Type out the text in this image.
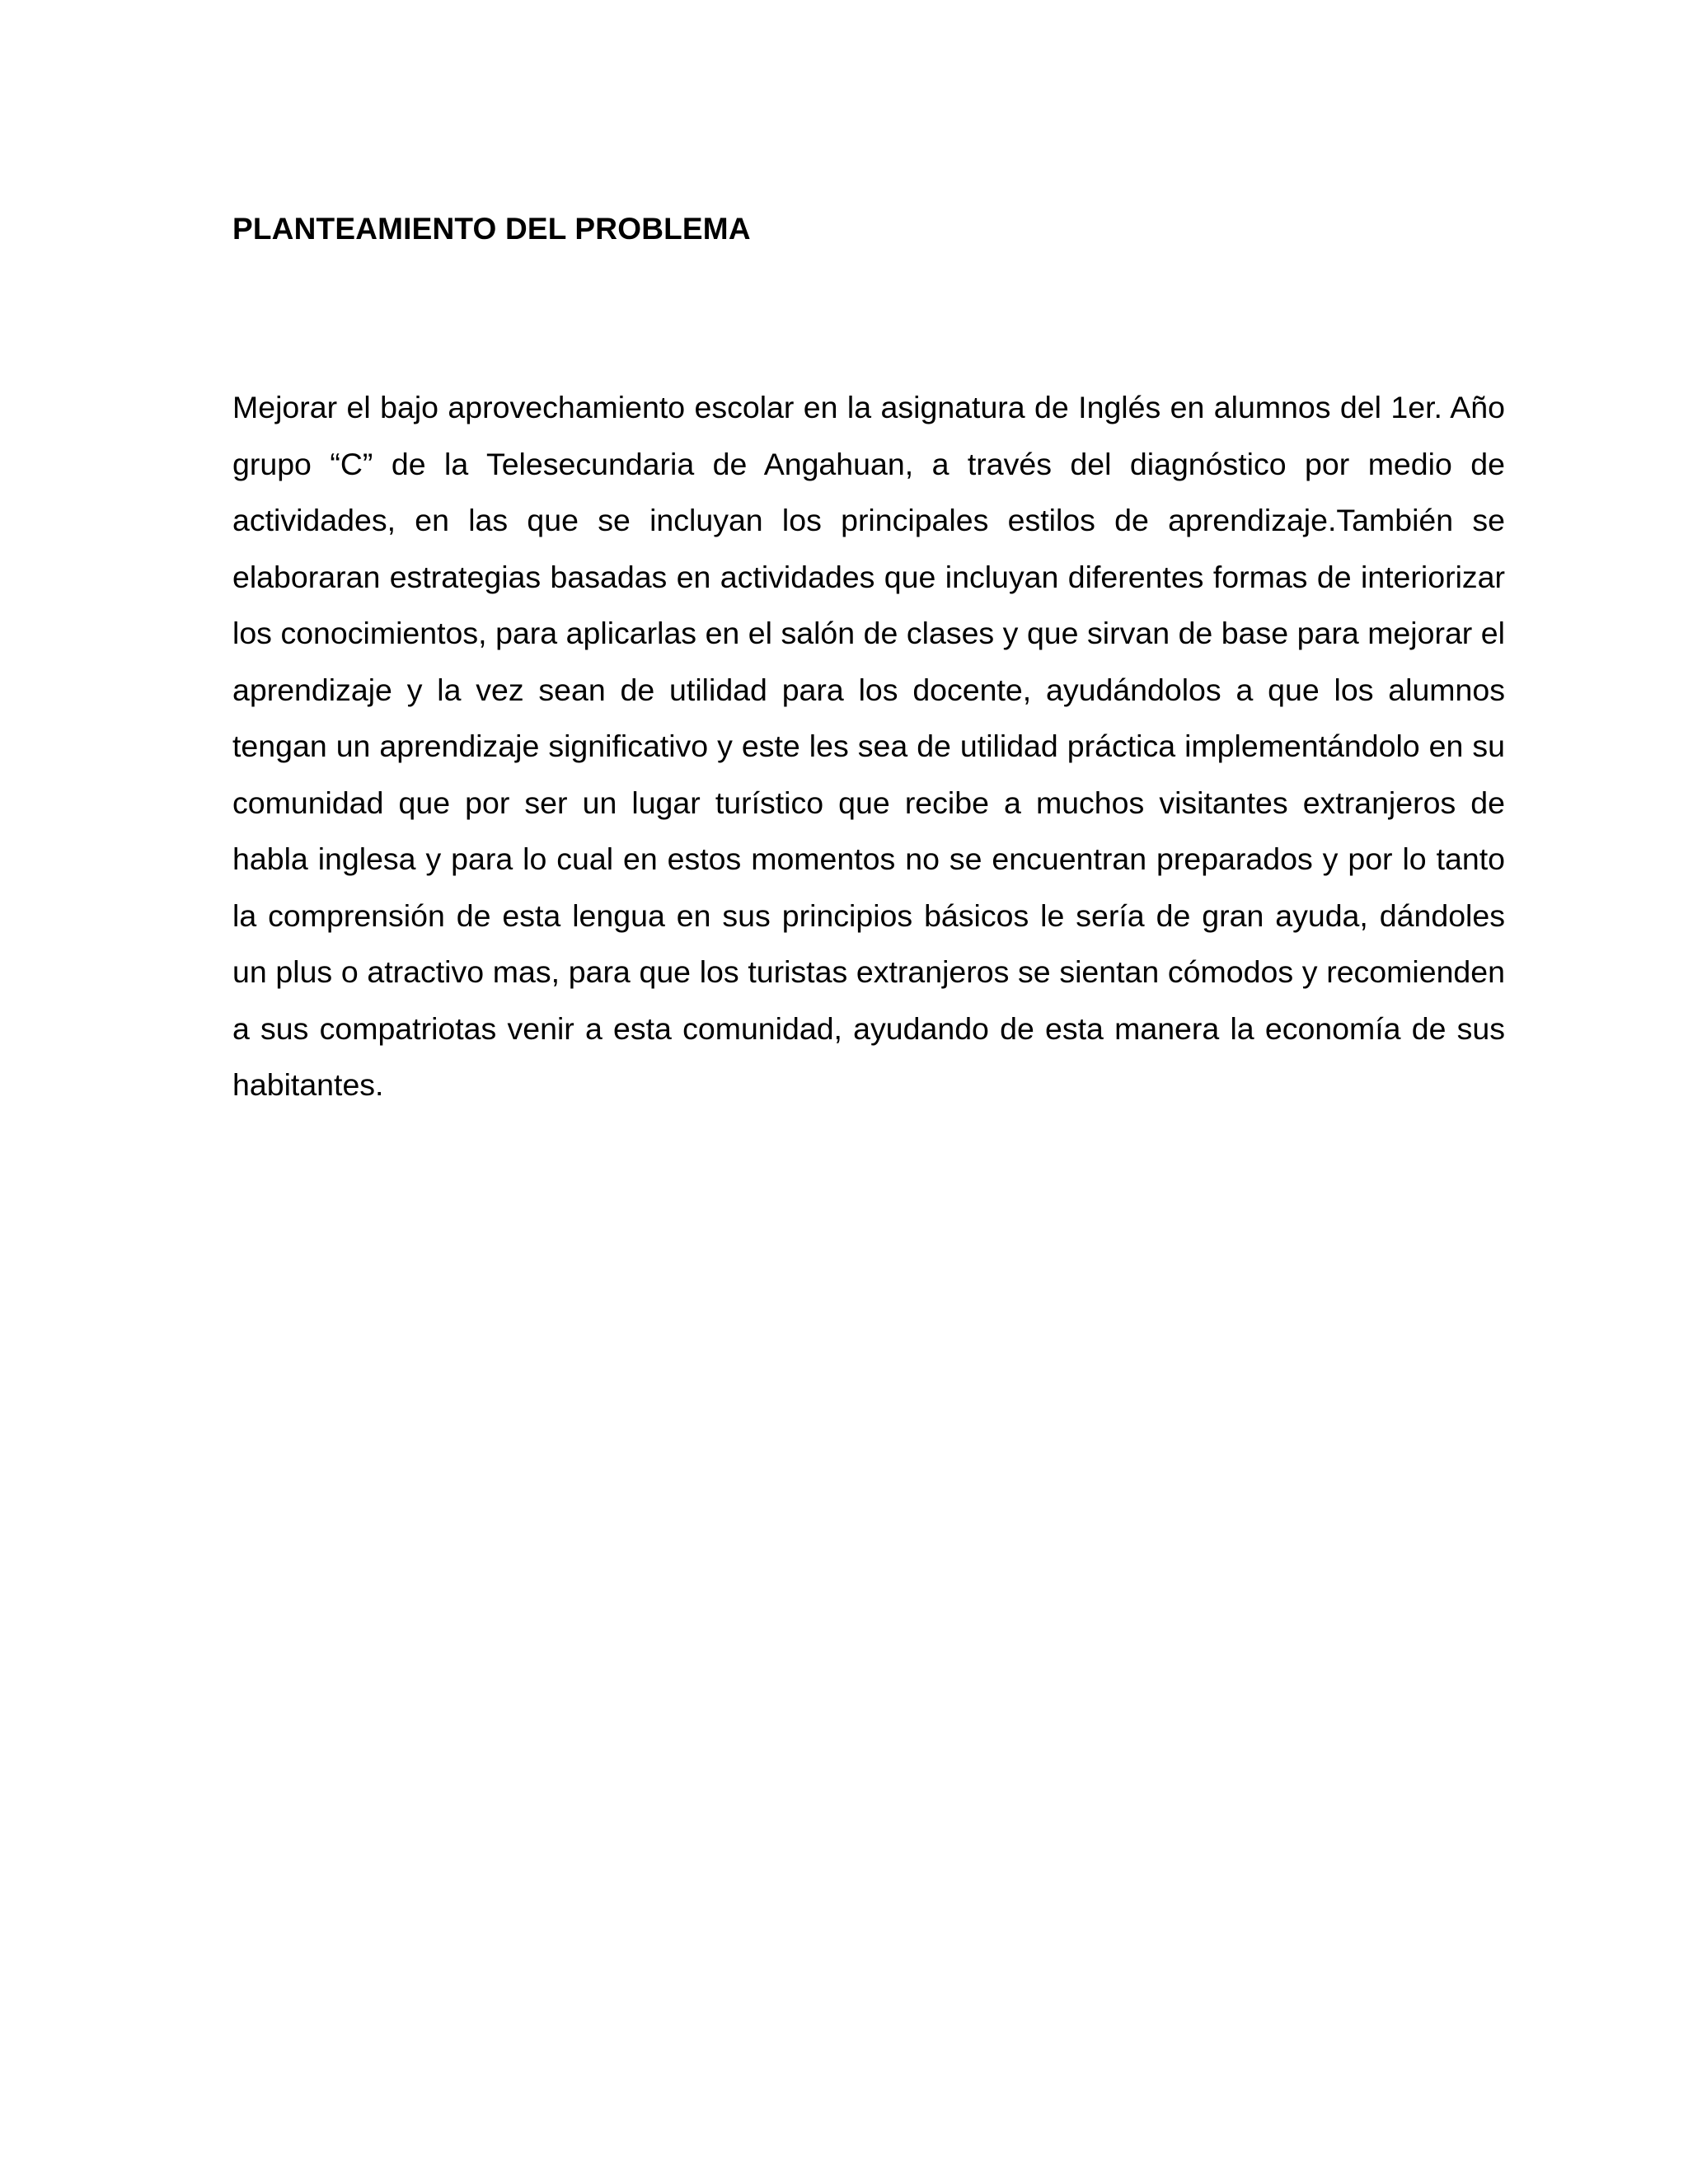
PLANTEAMIENTO DEL PROBLEMA

Mejorar el bajo aprovechamiento escolar en la asignatura de Inglés en alumnos del 1er. Año grupo “C” de la Telesecundaria de Angahuan, a través del diagnóstico por medio de actividades, en las que se incluyan los principales estilos de aprendizaje.También se elaboraran estrategias basadas en actividades que incluyan diferentes formas de interiorizar los conocimientos, para aplicarlas en el salón de clases y que sirvan de base para mejorar el aprendizaje y la vez sean de utilidad para los docente, ayudándolos a que los alumnos tengan un aprendizaje significativo y este les sea de utilidad práctica implementándolo en su comunidad que por ser un lugar turístico que recibe a muchos visitantes extranjeros de habla inglesa y para lo cual en estos momentos no se encuentran preparados y por lo tanto la comprensión de esta lengua en sus principios básicos le sería de gran ayuda, dándoles un plus o atractivo mas, para que los turistas extranjeros se sientan cómodos y recomienden a sus compatriotas venir a esta comunidad, ayudando de esta manera la economía de sus habitantes.
